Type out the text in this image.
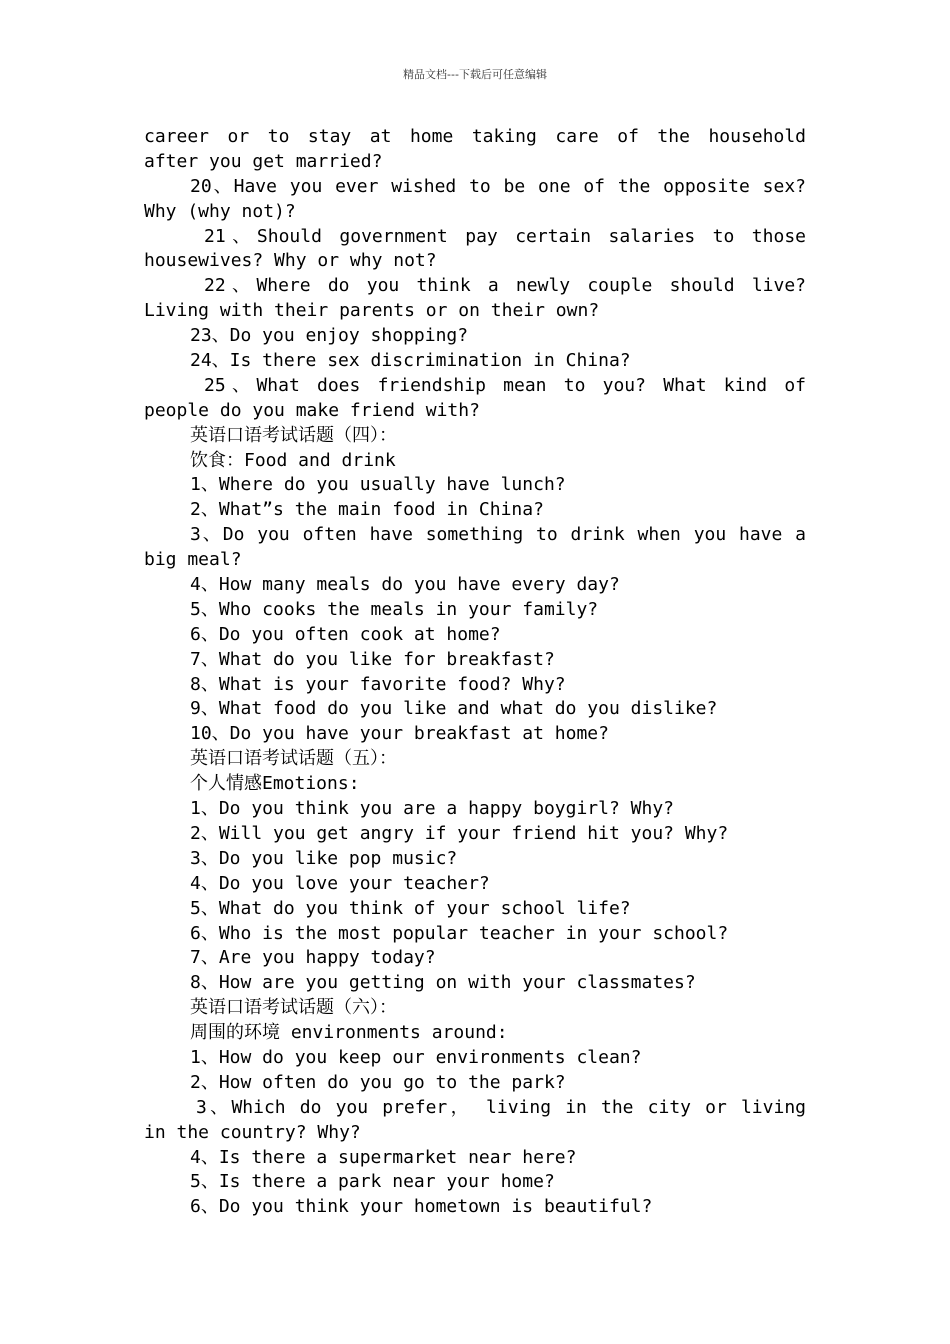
精品文档---下载后可任意编辑
career or to stay at home taking care of the household
after you get married?
20、Have you ever wished to be one of the opposite sex?
Why (why not)?
21、Should government pay certain salaries to those
housewives? Why or why not?
22、Where do you think a newly couple should live?
Living with their parents or on their own?
23、Do you enjoy shopping?
24、Is there sex discrimination in China?
25、What does friendship mean to you? What kind of
people do you make friend with?
英语口语考试话题（四）：
饮食：Food and drink
1、Where do you usually have lunch?
2、What”s the main food in China?
3、Do you often have something to drink when you have a
big meal?
4、How many meals do you have every day?
5、Who cooks the meals in your family?
6、Do you often cook at home?
7、What do you like for breakfast?
8、What is your favorite food? Why?
9、What food do you like and what do you dislike?
10、Do you have your breakfast at home?
英语口语考试话题（五）：
个人情感Emotions:
1、Do you think you are a happy boygirl? Why?
2、Will you get angry if your friend hit you? Why?
3、Do you like pop music?
4、Do you love your teacher?
5、What do you think of your school life?
6、Who is the most popular teacher in your school?
7、Are you happy today?
8、How are you getting on with your classmates?
英语口语考试话题（六）：
周围的环境 environments around:
1、How do you keep our environments clean?
2、How often do you go to the park?
3、Which do you prefer， living in the city or living
in the country? Why?
4、Is there a supermarket near here?
5、Is there a park near your home?
6、Do you think your hometown is beautiful?
